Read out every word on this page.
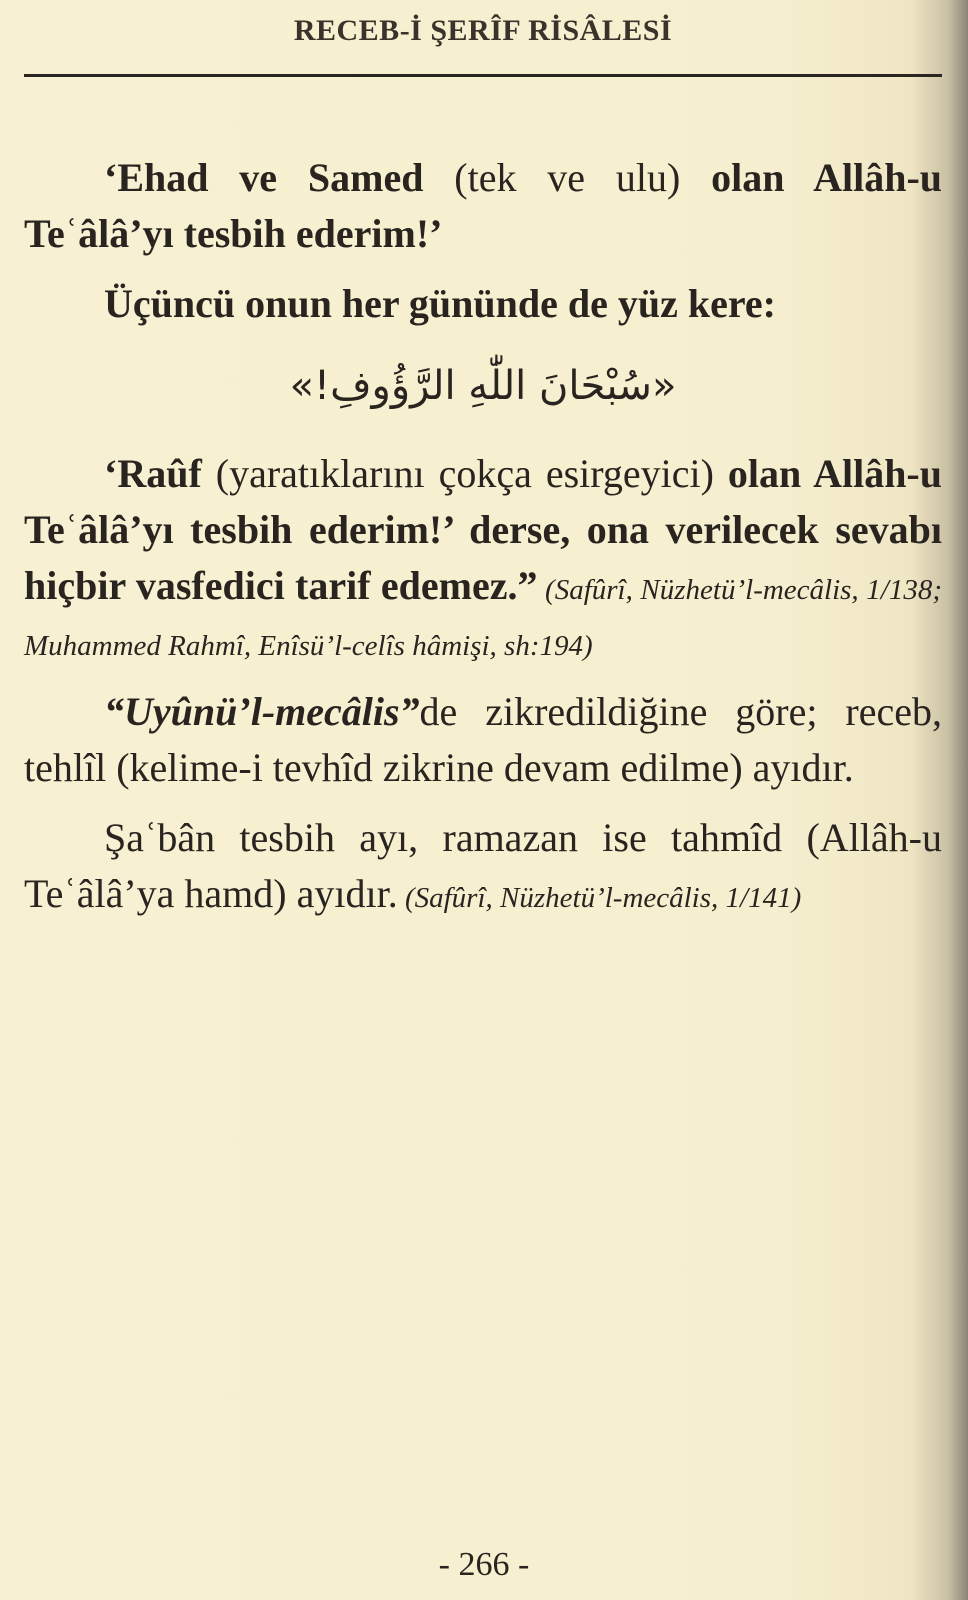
RECEB-İ ŞERÎF RİSÂLESİ

‘Ehad ve Samed (tek ve ulu) olan Allâh-u Teʿâlâ’yı tesbih ederim!’

Üçüncü onun her gününde de yüz kere:

«سُبْحَانَ اللّٰهِ الرَّؤُوفِ!»

‘Raûf (yaratıklarını çokça esirgeyici) olan Allâh-u Teʿâlâ’yı tesbih ederim!’ derse, ona verilecek sevabı hiçbir vasfedici tarif edemez.” (Safûrî, Nüzhetü’l-mecâlis, 1/138; Muhammed Rahmî, Enîsü’l-celîs hâmişi, sh:194)

“Uyûnü’l-mecâlis”de zikredildiğine göre; receb, tehlîl (kelime-i tevhîd zikrine devam edilme) ayıdır.

Şaʿbân tesbih ayı, ramazan ise tahmîd (Allâh-u Teʿâlâ’ya hamd) ayıdır. (Safûrî, Nüzhetü’l-mecâlis, 1/141)

- 266 -
